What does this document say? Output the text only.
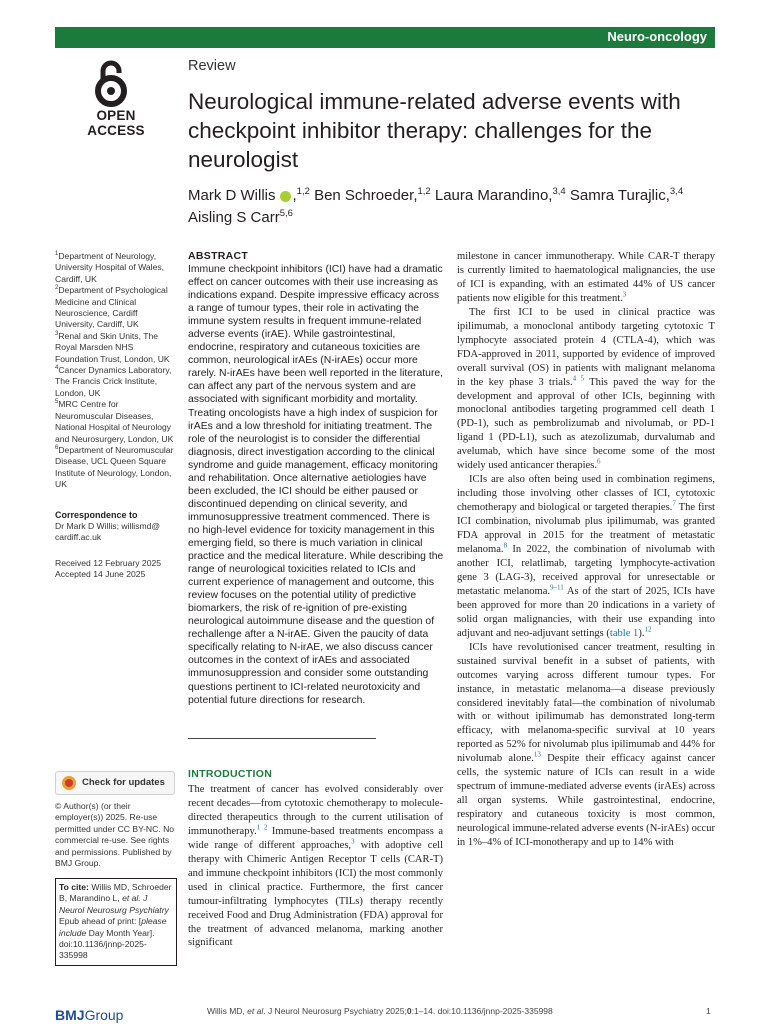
Neuro-oncology
OPEN ACCESS
Review
Neurological immune-related adverse events with checkpoint inhibitor therapy: challenges for the neurologist
Mark D Willis ,$^{1,2}$ Ben Schroeder,$^{1,2}$ Laura Marandino,$^{3,4}$ Samra Turajlic,$^{3,4}$
Aisling S Carr$^{5,6}$

$^1$Department of Neurology, University Hospital of Wales, Cardiff, UK

$^2$Department of Psychological Medicine and Clinical Neuroscience, Cardiff University, Cardiff, UK

$^3$Renal and Skin Units, The Royal Marsden NHS Foundation Trust, London, UK

$^4$Cancer Dynamics Laboratory, The Francis Crick Institute, London, UK

$^5$MRC Centre for Neuromuscular Diseases, National Hospital of Neurology and Neurosurgery, London, UK

$^6$Department of Neuromuscular Disease, UCL Queen Square Institute of Neurology, London, UK

Correspondence to
Dr Mark D Willis; willismd@ cardiff.ac.uk

Received 12 February 2025

Accepted 14 June 2025

Check for updates
© Author(s) (or their employer(s)) 2025. Re-use permitted under CC BY-NC. No commercial re-use. See rights and permissions. Published by BMJ Group.
To cite: Willis MD, Schroeder B, Marandino L, et al. J Neurol Neurosurg Psychiatry Epub ahead of print: [please include Day Month Year]. doi:10.1136/jnnp-2025-335998
ABSTRACT
Immune checkpoint inhibitors (ICI) have had a dramatic effect on cancer outcomes with their use increasing as indications expand. Despite impressive efficacy across a range of tumour types, their role in activating the immune system results in frequent immune-related adverse events (irAE). While gastrointestinal, endocrine, respiratory and cutaneous toxicities are common, neurological irAEs (N-irAEs) occur more rarely. N-irAEs have been well reported in the literature, can affect any part of the nervous system and are associated with significant morbidity and mortality. Treating oncologists have a high index of suspicion for irAEs and a low threshold for initiating treatment. The role of the neurologist is to consider the differential diagnosis, direct investigation according to the clinical syndrome and guide management, efficacy monitoring and rehabilitation. Once alternative aetiologies have been excluded, the ICI should be either paused or discontinued depending on clinical severity, and immunosuppressive treatment commenced. There is no high-level evidence for toxicity management in this emerging field, so there is much variation in clinical practice and the medical literature. While describing the range of neurological toxicities related to ICIs and current experience of management and outcome, this review focuses on the potential utility of predictive biomarkers, the risk of re-ignition of pre-existing neurological autoimmune disease and the question of rechallenge after a N-irAE. Given the paucity of data specifically relating to N-irAE, we also discuss cancer outcomes in the context of irAEs and associated immunosuppression and consider some outstanding questions pertinent to ICI-related neurotoxicity and potential future directions for research.
INTRODUCTION

The treatment of cancer has evolved considerably over recent decades—from cytotoxic chemotherapy to molecule-directed therapeutics through to the current utilisation of immunotherapy.$^{1 2}$ Immune-based treatments encompass a wide range of different approaches,$^3$ with adoptive cell therapy with Chimeric Antigen Receptor T cells (CAR-T) and immune checkpoint inhibitors (ICI) the most commonly used in clinical practice. Furthermore, the first cancer tumour-infiltrating lymphocytes (TILs) therapy recently received Food and Drug Administration (FDA) approval for the treatment of advanced melanoma, marking another significant

milestone in cancer immunotherapy. While CAR-T therapy is currently limited to haematological malignancies, the use of ICI is expanding, with an estimated 44% of US cancer patients now eligible for this treatment.$^3$

The first ICI to be used in clinical practice was ipilimumab, a monoclonal antibody targeting cytotoxic T lymphocyte associated protein 4 (CTLA-4), which was FDA-approved in 2011, supported by evidence of improved overall survival (OS) in patients with malignant melanoma in the key phase 3 trials.$^{4 5}$ This paved the way for the development and approval of other ICIs, beginning with monoclonal antibodies targeting programmed cell death 1 (PD-1), such as pembrolizumab and nivolumab, or PD-1 ligand 1 (PD-L1), such as atezolizumab, durvalumab and avelumab, which have since become some of the most widely used anticancer therapies.$^6$

ICIs are also often being used in combination regimens, including those involving other classes of ICI, cytotoxic chemotherapy and biological or targeted therapies.$^7$ The first ICI combination, nivolumab plus ipilimumab, was granted FDA approval in 2015 for the treatment of metastatic melanoma.$^8$ In 2022, the combination of nivolumab with another ICI, relatlimab, targeting lymphocyte-activation gene 3 (LAG-3), received approval for unresectable or metastatic melanoma.$^{9-11}$ As of the start of 2025, ICIs have been approved for more than 20 indications in a variety of solid organ malignancies, with their use expanding into adjuvant and neo-adjuvant settings (table 1).$^{12}$

ICIs have revolutionised cancer treatment, resulting in sustained survival benefit in a subset of patients, with outcomes varying across different tumour types. For instance, in metastatic melanoma—a disease previously considered inevitably fatal—the combination of nivolumab with or without ipilimumab has demonstrated long-term efficacy, with melanoma-specific survival at 10 years reported as 52% for nivolumab plus ipilimumab and 44% for nivolumab alone.$^{13}$ Despite their efficacy against cancer cells, the systemic nature of ICIs can result in a wide spectrum of immune-mediated adverse events (irAEs) across all organ systems. While gastrointestinal, endocrine, respiratory and cutaneous toxicity is most common, neurological immune-related adverse events (N-irAEs) occur in 1%–4% of ICI-monotherapy and up to 14% with

BMJGroup	Willis MD, et al. J Neurol Neurosurg Psychiatry 2025;0:1–14. doi:10.1136/jnnp-2025-335998	1
